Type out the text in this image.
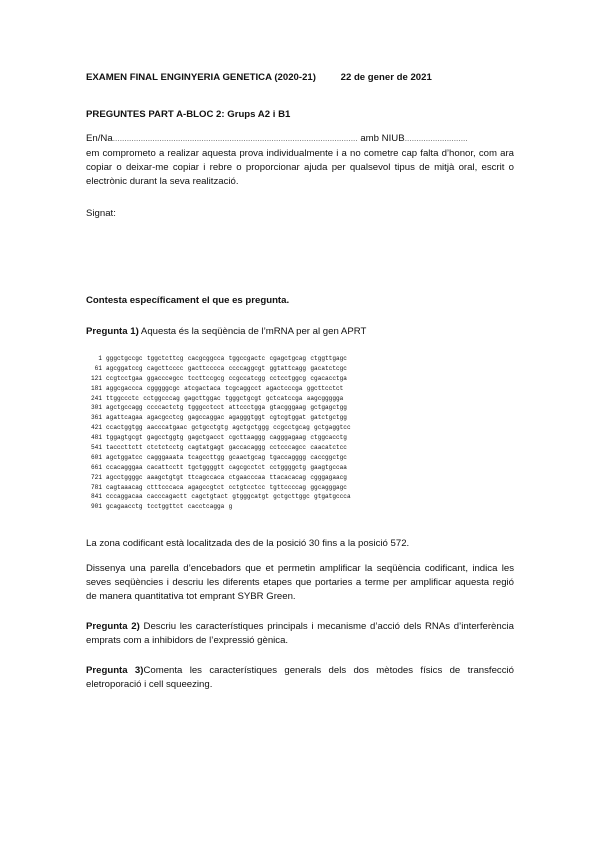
EXAMEN FINAL ENGINYERIA GENETICA (2020-21)	22 de gener de 2021
PREGUNTES PART A-BLOC 2: Grups A2 i B1
En/Na…………………………………………………………………………………………… amb NIUB………………………
em comprometo a realizar aquesta prova individualmente i a no cometre cap falta d’honor, com ara copiar o deixar-me copiar i rebre o proporcionar ajuda per qualsevol tipus de mitjà oral, escrit o electrònic durant la seva realització.
Signat:
Contesta específicament el que es pregunta.
Pregunta 1) Aquesta és la seqüència de l’mRNA per al gen APRT
1 gggctgccgc tggctcttcg cacgcggcca tggccgactc cgagctgcag ctggttgagc
61 agcggatccg cagcttcccc gacttcccca ccccaggcgt ggtattcagg gacatctcgc
121 ccgtcctgaa ggacccegcc tccttccgcg ccgccatcgg cctcctggcg cgacacctga
181 aggcgaccca cgggggcgc atcgactaca tcgcaggcct agactcccga ggcttcctct
241 ttggccctc cctggcccag gagcttggac tgggctgcgt gctcatccga aagcggggga
301 agctgccagg ccccactctg tgggcctcct attccctgga gtacgggaag gctgagctgg
361 agattcagaa agacgcctcg gagccaggac agagggtggt cgtcgtggat gatctgctgg
421 ccactggtgg aacccatgaac gctgcctgtg agctgctggg ccgcctgcag gctgaggtcc
481 tggagtgcgt gagcctggtg gagctgacct cgcttaaggg cagggagaag ctggcacctg
541 tacccttctt ctctctcctg cagtatgagt gaccacaggg cctcccagcc caacatctcc
601 agctggatcc cagggaaata tcagccttgg gcaactgcag tgaccagggg caccggctgc
661 ccacagggaa cacattcctt tgctggggtt cagcgcctct cctggggctg gaagtgccaa
721 agcctggggc aaagctgtgt ttcagccaca ctgaacccaa ttacacacag cgggagaacg
781 cagtaaacag ctttcccaca agagccgtct cctgtcctcc tgttccccag ggcagggagc
841 cccaggacaa cacccagactt cagctgtact gtgggcatgt gctgcttggc gtgatgccca
901 gcagaacctg tcctggttct cacctcagga g
La zona codificant està localitzada des de la posició 30 fins a la posició 572.
Dissenya una parella d’encebadors que et permetin amplificar la seqüència codificant, indica les seves seqüències i descriu les diferents etapes que portaries a terme per amplificar aquesta regió de manera quantitativa tot emprant SYBR Green.
Pregunta 2) Descriu les característiques principals i mecanisme d’acció dels RNAs d’interferència emprats com a inhibidors de l’expressió gènica.
Pregunta 3)Comenta les característiques generals dels dos mètodes físics de transfecció eletroporació i cell squeezing.
